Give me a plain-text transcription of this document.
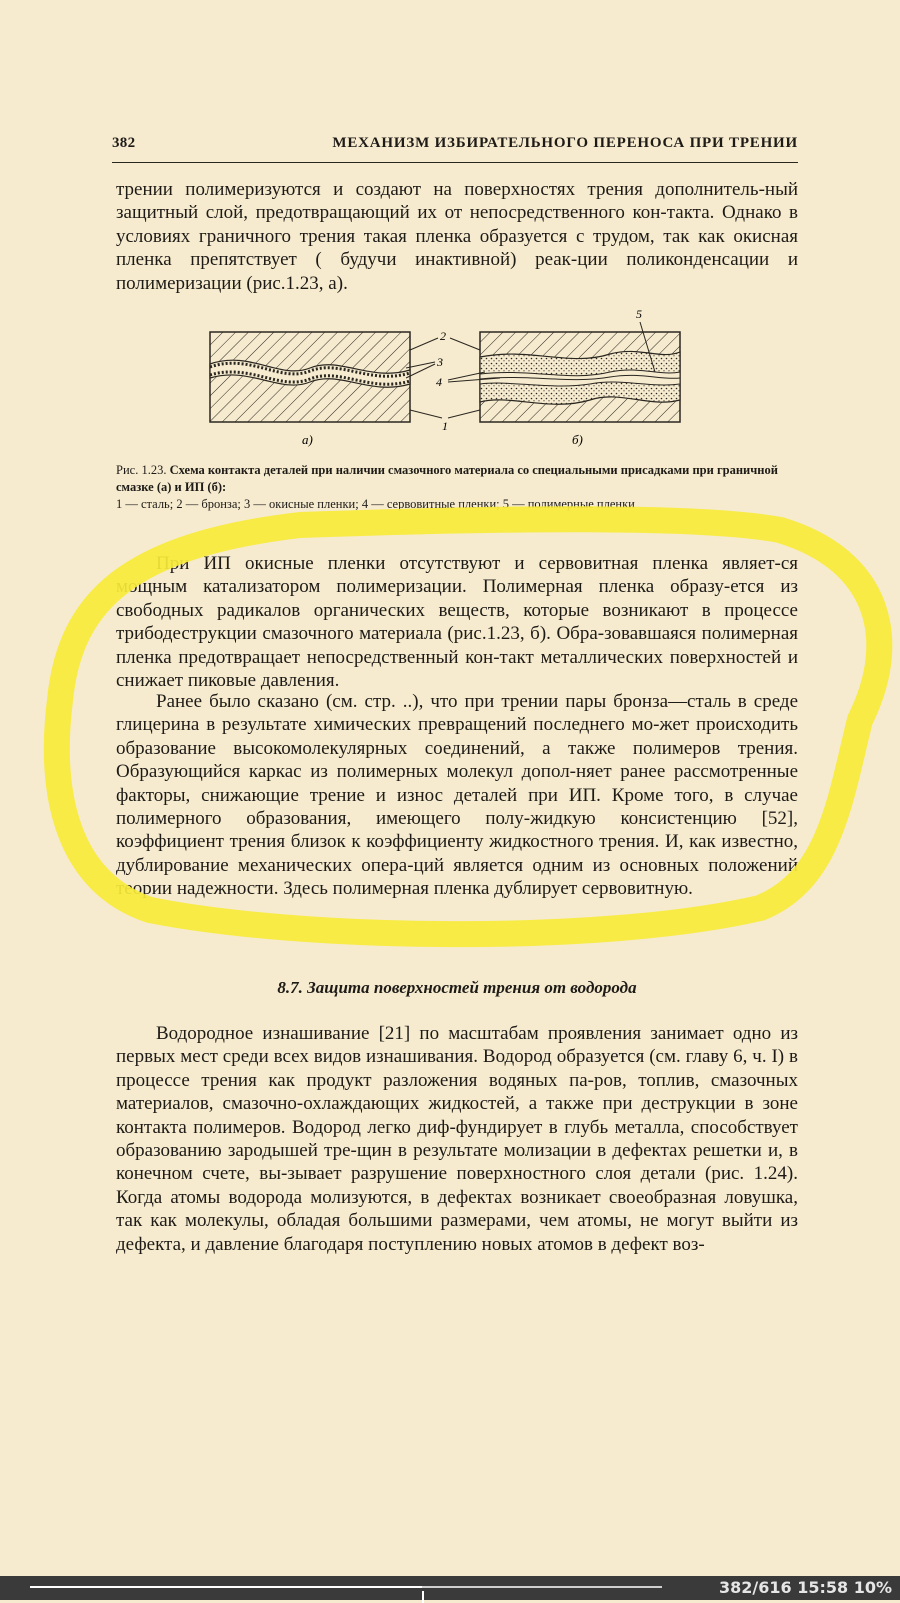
382	МЕХАНИЗМ ИЗБИРАТЕЛЬНОГО ПЕРЕНОСА ПРИ ТРЕНИИ

трении полимеризуются и создают на поверхностях трения дополнитель-ный защитный слой, предотвращающий их от непосредственного кон-такта. Однако в условиях граничного трения такая пленка образуется с трудом, так как окисная пленка препятствует ( будучи инактивной) реак-ции поликонденсации и полимеризации (рис.1.23, а).

2
3
4
1
5
а)	б)
Рис. 1.23. Схема контакта деталей при наличии смазочного материала со специальными присадками при граничной смазке (а) и ИП (б):
1 — сталь; 2 — бронза; 3 — окисные пленки; 4 — сервовитные пленки; 5 — полимерные пленки

При ИП окисные пленки отсутствуют и сервовитная пленка являет-ся мощным катализатором полимеризации. Полимерная пленка образу-ется из свободных радикалов органических веществ, которые возникают в процессе трибодеструкции смазочного материала (рис.1.23, б). Обра-зовавшаяся полимерная пленка предотвращает непосредственный кон-такт металлических поверхностей и снижает пиковые давления.

Ранее было сказано (см. стр. ..), что при трении пары бронза—сталь в среде глицерина в результате химических превращений последнего мо-жет происходить образование высокомолекулярных соединений, а также полимеров трения. Образующийся каркас из полимерных молекул допол-няет ранее рассмотренные факторы, снижающие трение и износ деталей при ИП. Кроме того, в случае полимерного образования, имеющего полу-жидкую консистенцию [52], коэффициент трения близок к коэффициенту жидкостного трения. И, как известно, дублирование механических опера-ций является одним из основных положений теории надежности. Здесь полимерная пленка дублирует сервовитную.

8.7. Защита поверхностей трения от водорода

Водородное изнашивание [21] по масштабам проявления занимает одно из первых мест среди всех видов изнашивания. Водород образуется (см. главу 6, ч. I) в процессе трения как продукт разложения водяных па-ров, топлив, смазочных материалов, смазочно-охлаждающих жидкостей, а также при деструкции в зоне контакта полимеров. Водород легко диф-фундирует в глубь металла, способствует образованию зародышей тре-щин в результате молизации в дефектах решетки и, в конечном счете, вы-зывает разрушение поверхностного слоя детали (рис. 1.24). Когда атомы водорода молизуются, в дефектах возникает своеобразная ловушка, так как молекулы, обладая большими размерами, чем атомы, не могут выйти из дефекта, и давление благодаря поступлению новых атомов в дефект воз-

382/616 15:58 10%
